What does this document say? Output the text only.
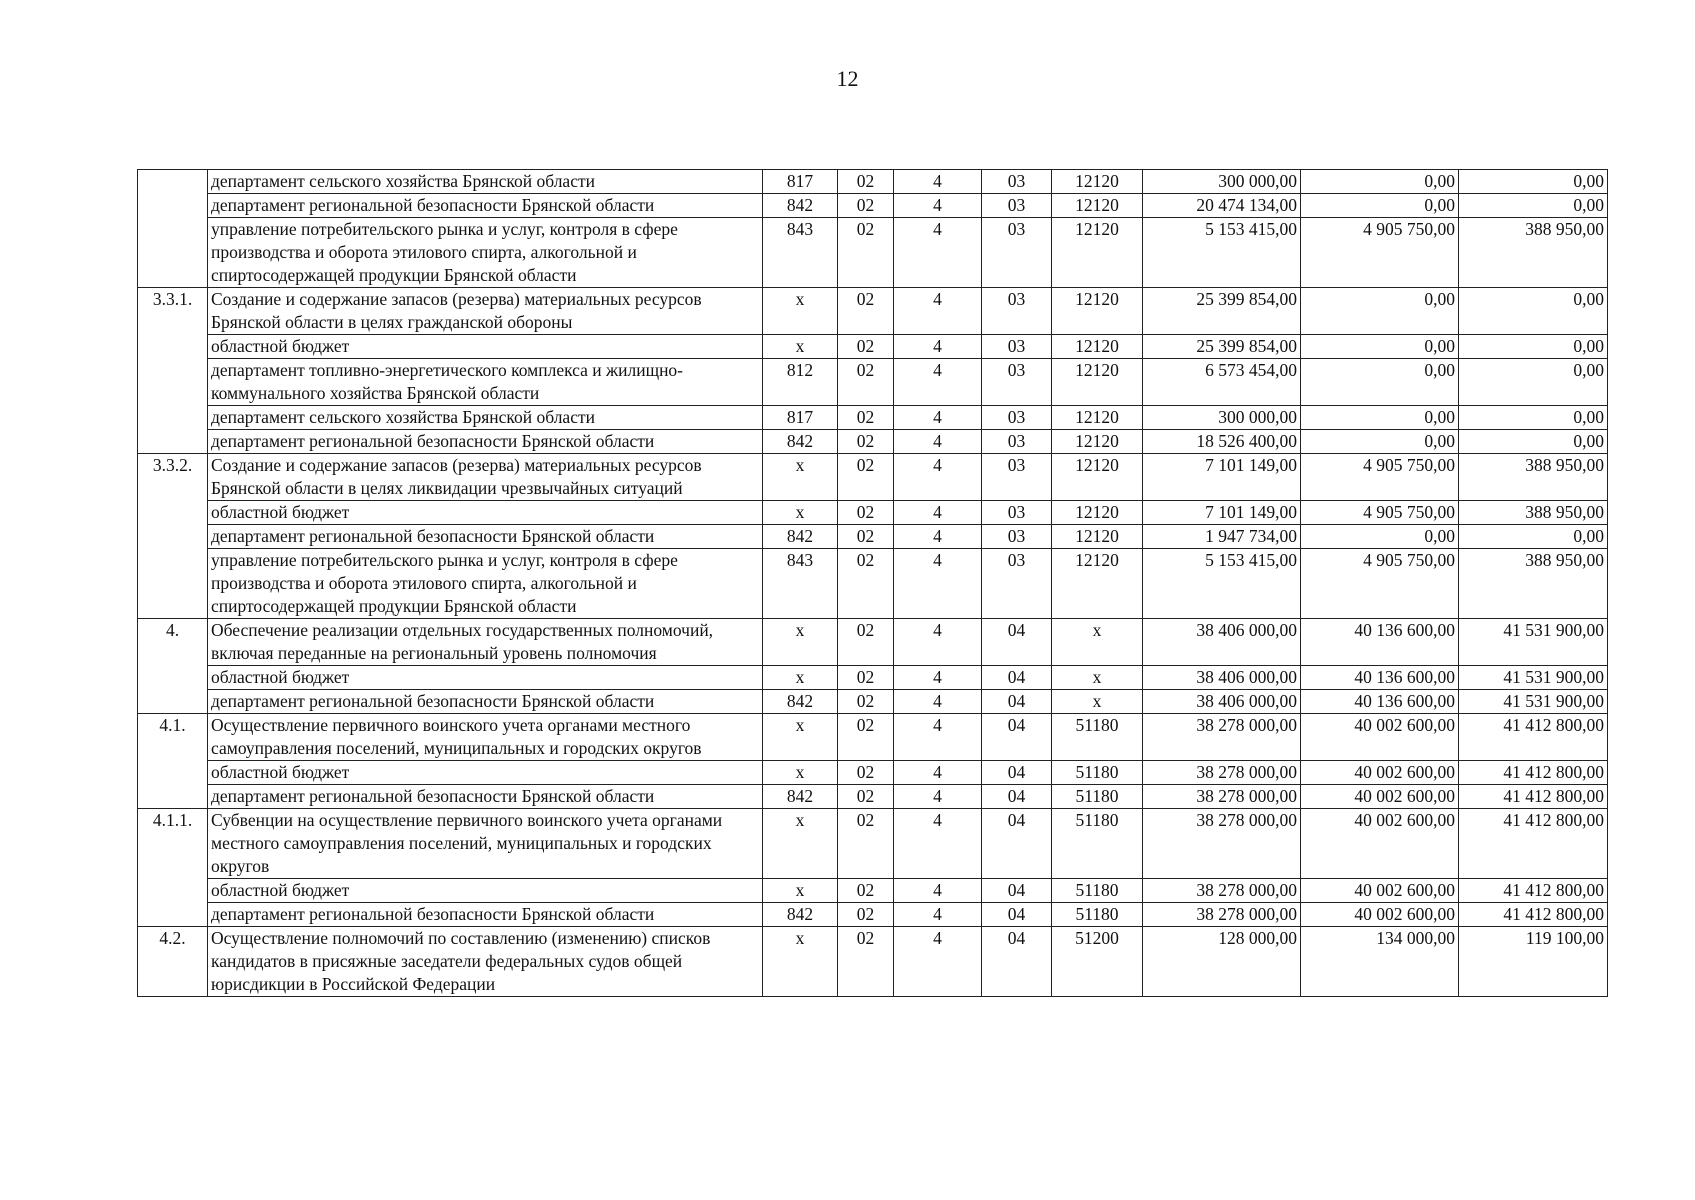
12
	департамент сельского хозяйства Брянской области	817	02	4	03	12120	300 000,00	0,00	0,00
	департамент региональной безопасности Брянской области	842	02	4	03	12120	20 474 134,00	0,00	0,00
	управление потребительского рынка и услуг, контроля в сфере производства и оборота этилового спирта, алкогольной и спиртосодержащей продукции Брянской области	843	02	4	03	12120	5 153 415,00	4 905 750,00	388 950,00
3.3.1.	Создание и содержание запасов (резерва) материальных ресурсов Брянской области в целях гражданской обороны	х	02	4	03	12120	25 399 854,00	0,00	0,00
	областной бюджет	х	02	4	03	12120	25 399 854,00	0,00	0,00
	департамент топливно-энергетического комплекса и жилищно-коммунального хозяйства Брянской области	812	02	4	03	12120	6 573 454,00	0,00	0,00
	департамент сельского хозяйства Брянской области	817	02	4	03	12120	300 000,00	0,00	0,00
	департамент региональной безопасности Брянской области	842	02	4	03	12120	18 526 400,00	0,00	0,00
3.3.2.	Создание и содержание запасов (резерва) материальных ресурсов Брянской области в целях ликвидации чрезвычайных ситуаций	х	02	4	03	12120	7 101 149,00	4 905 750,00	388 950,00
	областной бюджет	х	02	4	03	12120	7 101 149,00	4 905 750,00	388 950,00
	департамент региональной безопасности Брянской области	842	02	4	03	12120	1 947 734,00	0,00	0,00
	управление потребительского рынка и услуг, контроля в сфере производства и оборота этилового спирта, алкогольной и спиртосодержащей продукции Брянской области	843	02	4	03	12120	5 153 415,00	4 905 750,00	388 950,00
4.	Обеспечение реализации отдельных государственных полномочий, включая переданные на региональный уровень полномочия	х	02	4	04	х	38 406 000,00	40 136 600,00	41 531 900,00
	областной бюджет	х	02	4	04	х	38 406 000,00	40 136 600,00	41 531 900,00
	департамент региональной безопасности Брянской области	842	02	4	04	х	38 406 000,00	40 136 600,00	41 531 900,00
4.1.	Осуществление первичного воинского учета органами местного самоуправления поселений, муниципальных и городских округов	х	02	4	04	51180	38 278 000,00	40 002 600,00	41 412 800,00
	областной бюджет	х	02	4	04	51180	38 278 000,00	40 002 600,00	41 412 800,00
	департамент региональной безопасности Брянской области	842	02	4	04	51180	38 278 000,00	40 002 600,00	41 412 800,00
4.1.1.	Субвенции на осуществление первичного воинского учета органами местного самоуправления поселений, муниципальных и городских округов	х	02	4	04	51180	38 278 000,00	40 002 600,00	41 412 800,00
	областной бюджет	х	02	4	04	51180	38 278 000,00	40 002 600,00	41 412 800,00
	департамент региональной безопасности Брянской области	842	02	4	04	51180	38 278 000,00	40 002 600,00	41 412 800,00
4.2.	Осуществление полномочий по составлению (изменению) списков кандидатов в присяжные заседатели федеральных судов общей юрисдикции в Российской Федерации	х	02	4	04	51200	128 000,00	134 000,00	119 100,00
